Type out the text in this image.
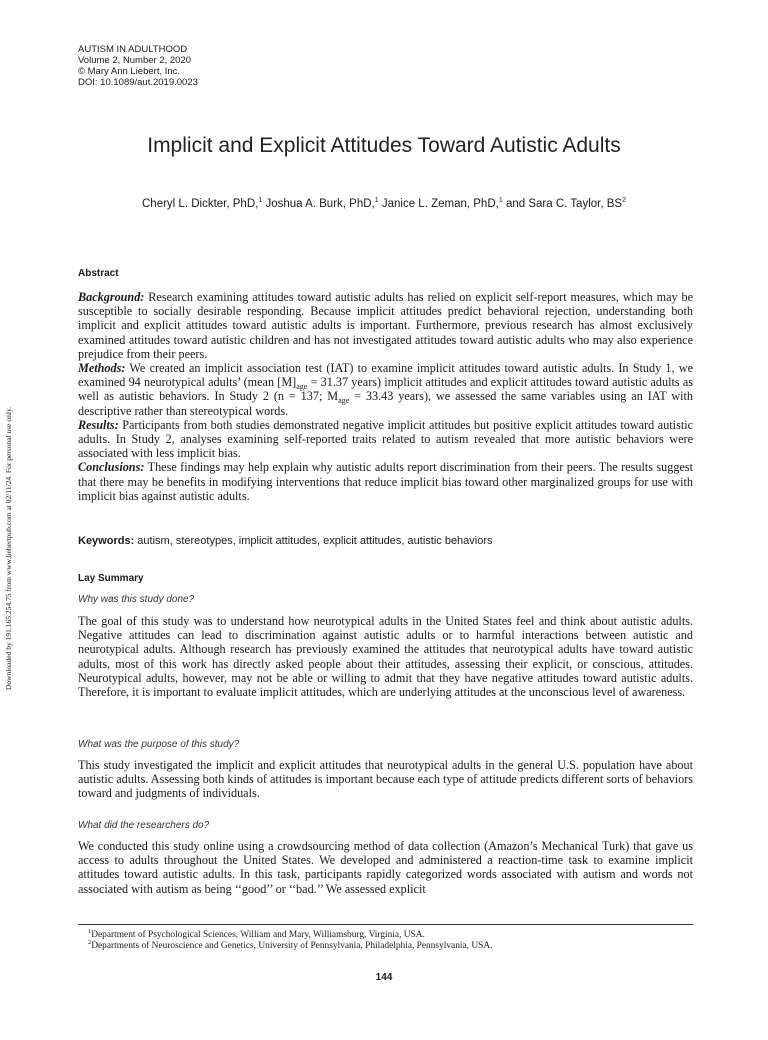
AUTISM IN ADULTHOOD
Volume 2, Number 2, 2020
© Mary Ann Liebert, Inc.
DOI: 10.1089/aut.2019.0023
Downloaded by 191.165.254.75 from www.liebertpub.com at 02/11/24. For personal use only.
Implicit and Explicit Attitudes Toward Autistic Adults
Cheryl L. Dickter, PhD,$^1$ Joshua A. Burk, PhD,$^1$ Janice L. Zeman, PhD,$^1$ and Sara C. Taylor, $BS^2$
Abstract

Background: Research examining attitudes toward autistic adults has relied on explicit self-report measures, which may be susceptible to socially desirable responding. Because implicit attitudes predict behavioral rejection, understanding both implicit and explicit attitudes toward autistic adults is important. Furthermore, previous research has almost exclusively examined attitudes toward autistic children and has not investigated attitudes toward autistic adults who may also experience prejudice from their peers.

Methods: We created an implicit association test (IAT) to examine implicit attitudes toward autistic adults. In Study 1, we examined 94 neurotypical adults’ (mean $[M]_{age} = 31.37$ years) implicit attitudes and explicit attitudes toward autistic adults as well as autistic behaviors. In Study 2 (n = 137; $M_{age} = 33.43$ years), we assessed the same variables using an IAT with descriptive rather than stereotypical words.

Results: Participants from both studies demonstrated negative implicit attitudes but positive explicit attitudes toward autistic adults. In Study 2, analyses examining self-reported traits related to autism revealed that more autistic behaviors were associated with less implicit bias.

Conclusions: These findings may help explain why autistic adults report discrimination from their peers. The results suggest that there may be benefits in modifying interventions that reduce implicit bias toward other marginalized groups for use with implicit bias against autistic adults.

Keywords: autism, stereotypes, implicit attitudes, explicit attitudes, autistic behaviors
Lay Summary
Why was this study done?
The goal of this study was to understand how neurotypical adults in the United States feel and think about autistic adults. Negative attitudes can lead to discrimination against autistic adults or to harmful interactions between autistic and neurotypical adults. Although research has previously examined the attitudes that neurotypical adults have toward autistic adults, most of this work has directly asked people about their attitudes, assessing their explicit, or conscious, attitudes. Neurotypical adults, however, may not be able or willing to admit that they have negative attitudes toward autistic adults. Therefore, it is important to evaluate implicit attitudes, which are underlying attitudes at the unconscious level of awareness.
What was the purpose of this study?
This study investigated the implicit and explicit attitudes that neurotypical adults in the general U.S. population have about autistic adults. Assessing both kinds of attitudes is important because each type of attitude predicts different sorts of behaviors toward and judgments of individuals.
What did the researchers do?
We conducted this study online using a crowdsourcing method of data collection (Amazon’s Mechanical Turk) that gave us access to adults throughout the United States. We developed and administered a reaction-time task to examine implicit attitudes toward autistic adults. In this task, participants rapidly categorized words associated with autism and words not associated with autism as being ‘‘good’’ or ‘‘bad.’’ We assessed explicit
$^1$Department of Psychological Sciences, William and Mary, Williamsburg, Virginia, USA.
$^2$Departments of Neuroscience and Genetics, University of Pennsylvania, Philadelphia, Pennsylvania, USA.
144
